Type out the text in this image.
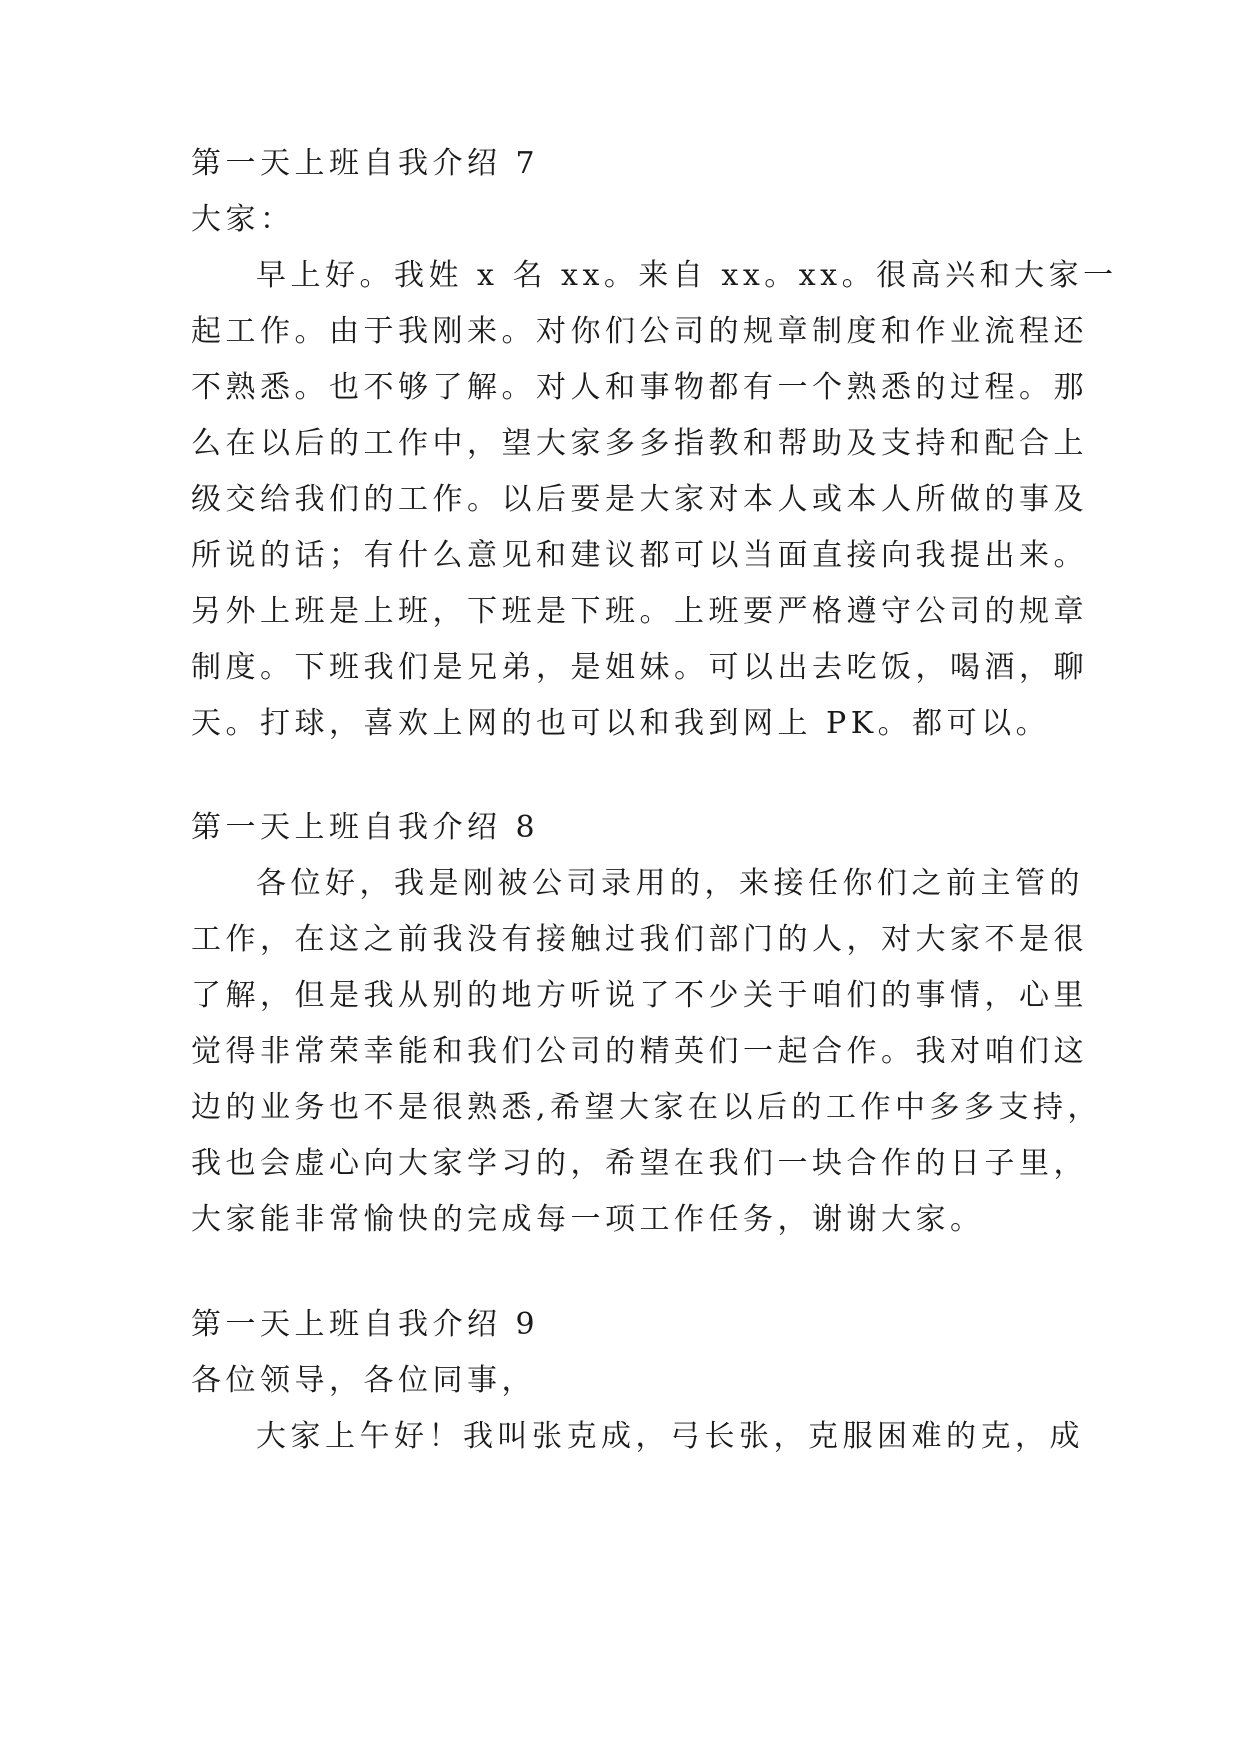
第一天上班自我介绍 7
大家：
早上好。我姓 x 名 xx。来自 xx。xx。很高兴和大家一
起工作。由于我刚来。对你们公司的规章制度和作业流程还
不熟悉。也不够了解。对人和事物都有一个熟悉的过程。那
么在以后的工作中，望大家多多指教和帮助及支持和配合上
级交给我们的工作。以后要是大家对本人或本人所做的事及
所说的话；有什么意见和建议都可以当面直接向我提出来。
另外上班是上班，下班是下班。上班要严格遵守公司的规章
制度。下班我们是兄弟，是姐妹。可以出去吃饭，喝酒，聊
天。打球，喜欢上网的也可以和我到网上 PK。都可以。
第一天上班自我介绍 8
各位好，我是刚被公司录用的，来接任你们之前主管的
工作，在这之前我没有接触过我们部门的人，对大家不是很
了解，但是我从别的地方听说了不少关于咱们的事情，心里
觉得非常荣幸能和我们公司的精英们一起合作。我对咱们这
边的业务也不是很熟悉,希望大家在以后的工作中多多支持，
我也会虚心向大家学习的，希望在我们一块合作的日子里，
大家能非常愉快的完成每一项工作任务，谢谢大家。
第一天上班自我介绍 9
各位领导，各位同事，
大家上午好！我叫张克成，弓长张，克服困难的克，成
